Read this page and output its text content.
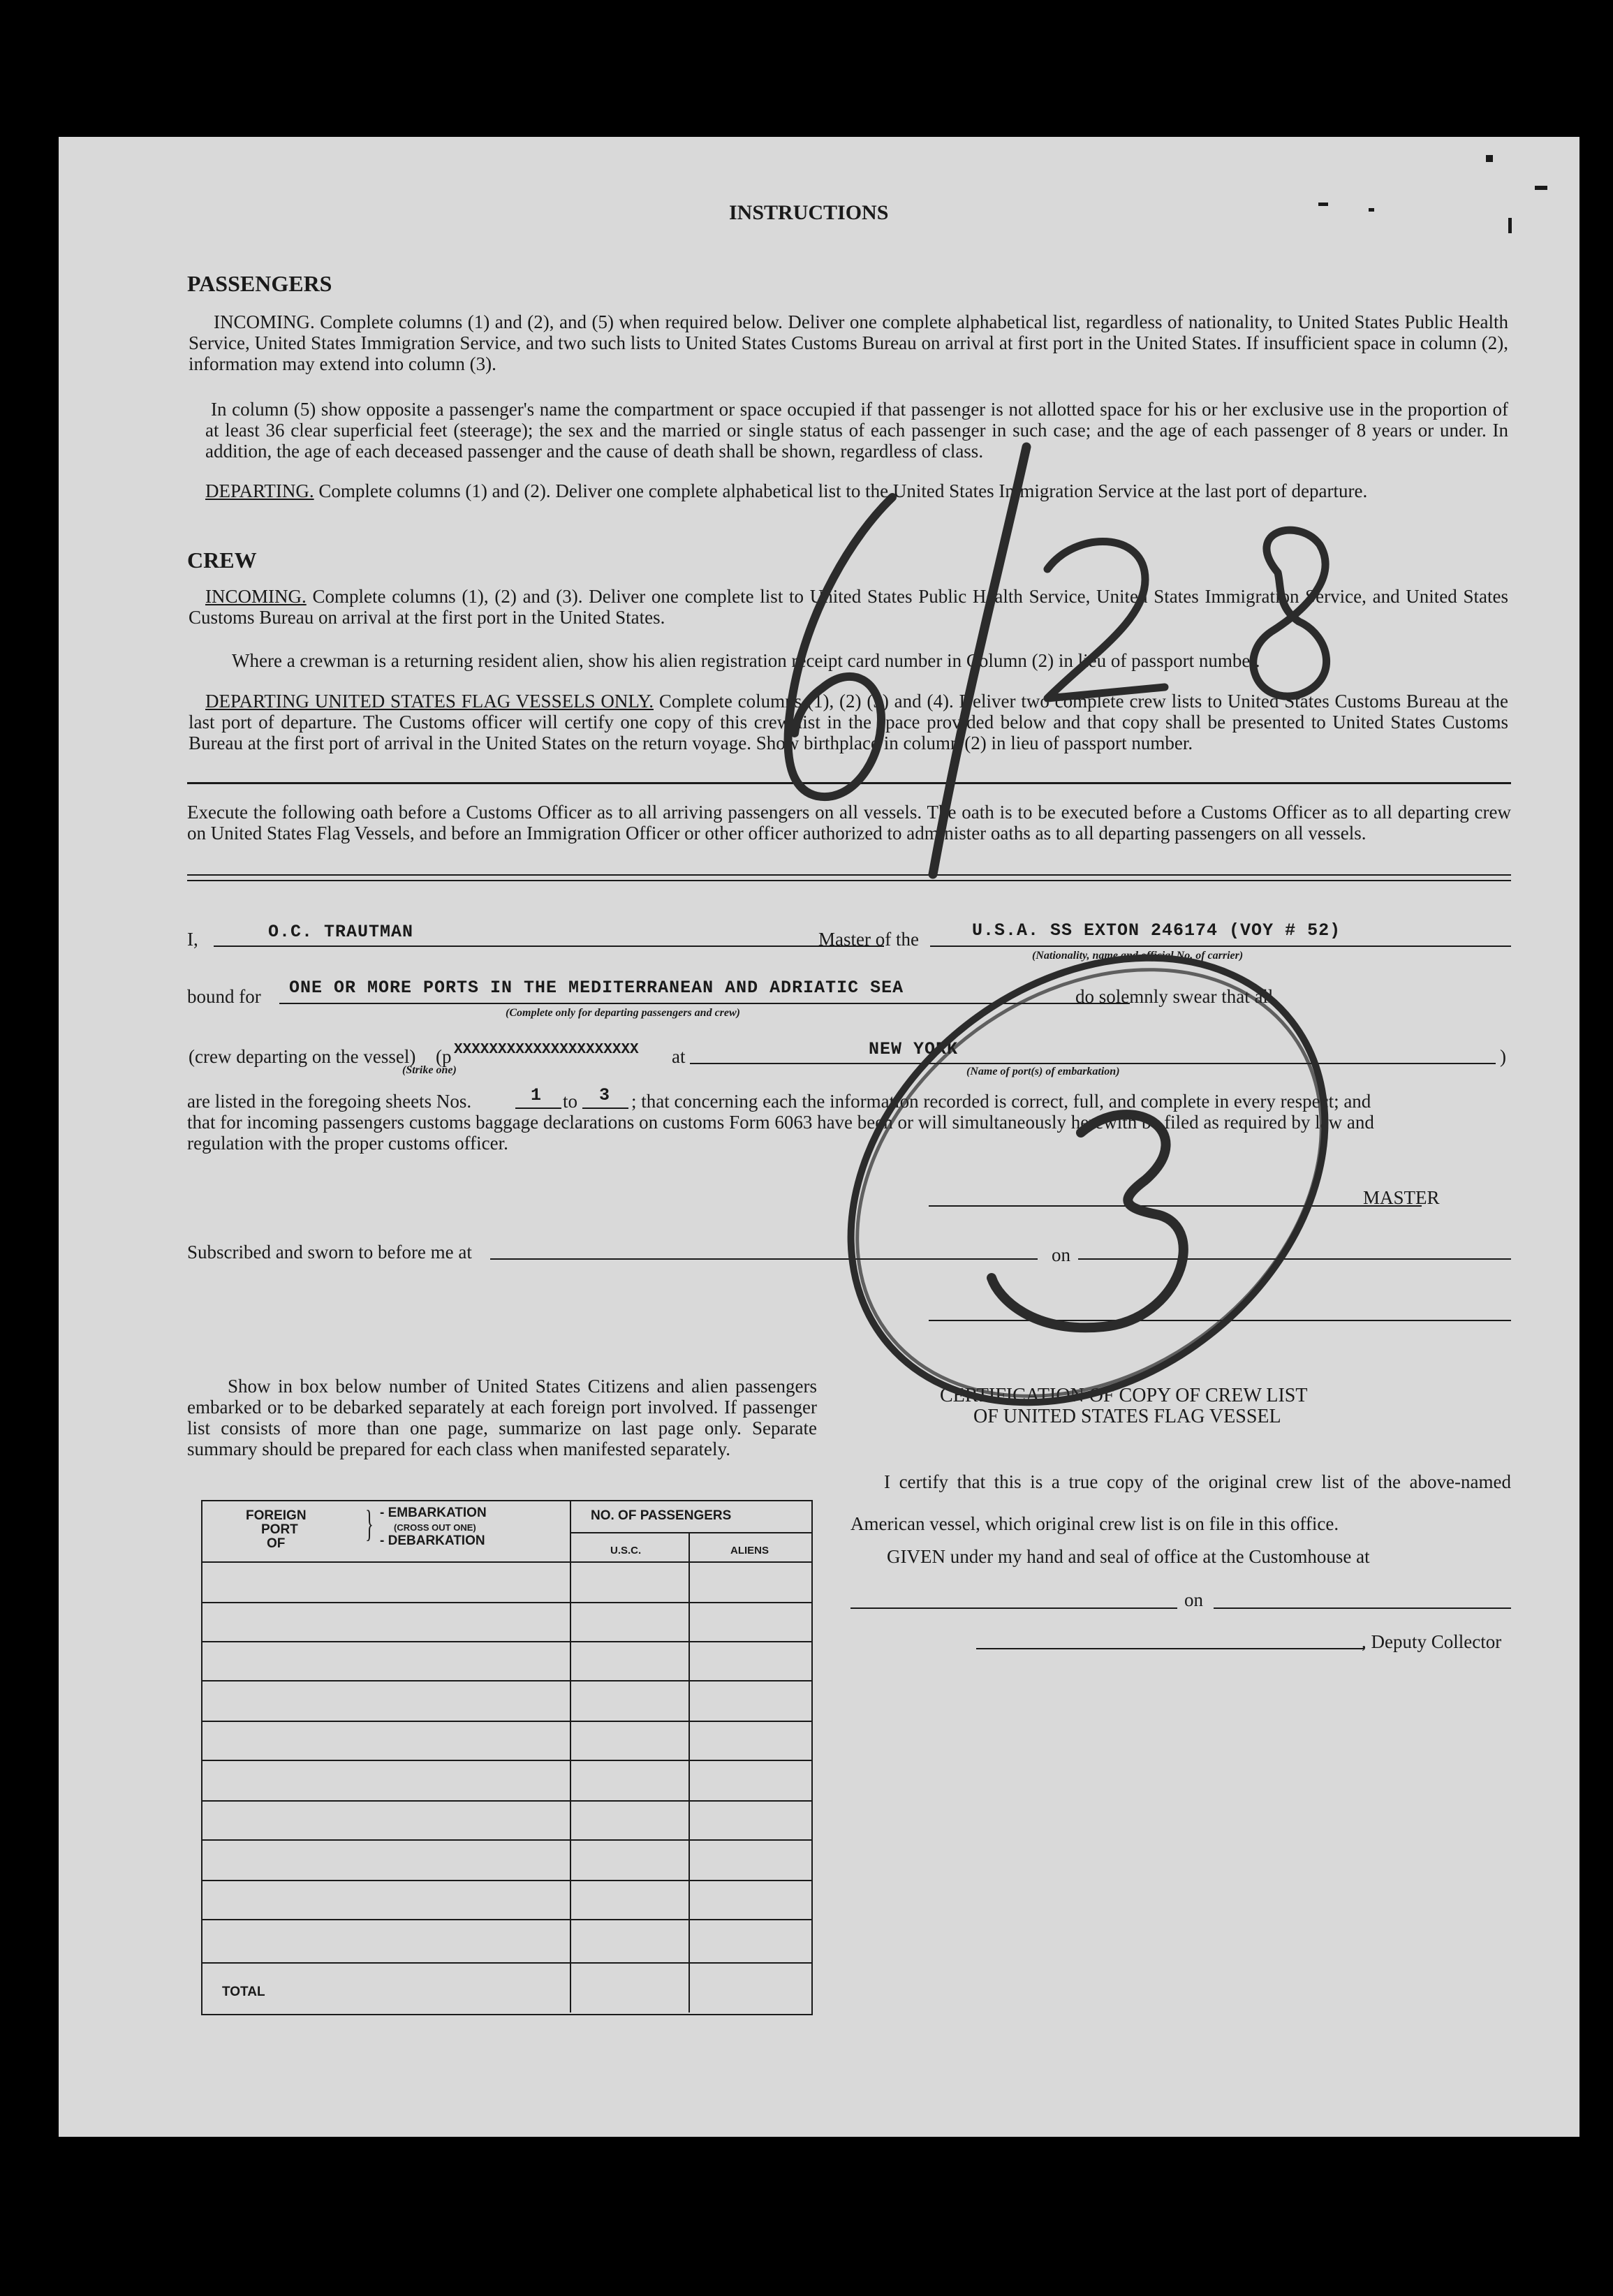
INSTRUCTIONS
PASSENGERS
INCOMING. Complete columns (1) and (2), and (5) when required below. Deliver one complete alphabetical list, regardless of nationality, to United States Public Health Service, United States Immigration Service, and two such lists to United States Customs Bureau on arrival at first port in the United States. If insufficient space in column (2), information may extend into column (3).
In column (5) show opposite a passenger's name the compartment or space occupied if that passenger is not allotted space for his or her exclusive use in the proportion of at least 36 clear superficial feet (steerage); the sex and the married or single status of each passenger in such case; and the age of each passenger of 8 years or under. In addition, the age of each deceased passenger and the cause of death shall be shown, regardless of class.
DEPARTING. Complete columns (1) and (2). Deliver one complete alphabetical list to the United States Immigration Service at the last port of departure.
CREW
INCOMING. Complete columns (1), (2) and (3). Deliver one complete list to United States Public Health Service, United States Immigration Service, and United States Customs Bureau on arrival at the first port in the United States.
Where a crewman is a returning resident alien, show his alien registration receipt card number in Column (2) in lieu of passport number.
DEPARTING UNITED STATES FLAG VESSELS ONLY. Complete columns (1), (2) (3) and (4). Deliver two complete crew lists to United States Customs Bureau at the last port of departure. The Customs officer will certify one copy of this crew list in the space provided below and that copy shall be presented to United States Customs Bureau at the first port of arrival in the United States on the return voyage. Show birthplace in column (2) in lieu of passport number.
Execute the following oath before a Customs Officer as to all arriving passengers on all vessels. The oath is to be executed before a Customs Officer as to all departing crew on United States Flag Vessels, and before an Immigration Officer or other officer authorized to administer oaths as to all departing passengers on all vessels.
I,	O.C. TRAUTMAN	Master of the	U.S.A. SS EXTON 246174 (VOY # 52)
(Nationality, name and official No. of carrier)
bound for ONE OR MORE PORTS IN THE MEDITERRANEAN AND ADRIATIC SEA
(Complete only for departing passengers and crew)
do solemnly swear that all
(crew departing on the vessel) (p XXXXXXXXXXXXXXXXXXXXX
(Strike one)
at	NEW YORK
(Name of port(s) of embarkation)
)
are listed in the foregoing sheets Nos.	1 to 3 ; that concerning each the information recorded is correct, full, and complete in every respect; and
that for incoming passengers customs baggage declarations on customs Form 6063 have been or will simultaneously herewith be filed as required by law and
regulation with the proper customs officer.
MASTER
Subscribed and sworn to before me at	on
Show in box below number of United States Citizens and alien passengers embarked or to be debarked separately at each foreign port involved. If passenger list consists of more than one page, summarize on last page only. Separate summary should be prepared for each class when manifested separately.
FOREIGN
PORT
OF } - EMBARKATION
(CROSS OUT ONE)
- DEBARKATION
NO. OF PASSENGERS
U.S.C.	ALIENS
TOTAL
CERTIFICATION OF COPY OF CREW LIST
OF UNITED STATES FLAG VESSEL
I certify that this is a true copy of the original crew list of the above-named American vessel, which original crew list is on file in this office.
GIVEN under my hand and seal of office at the Customhouse at
on
, Deputy Collector
